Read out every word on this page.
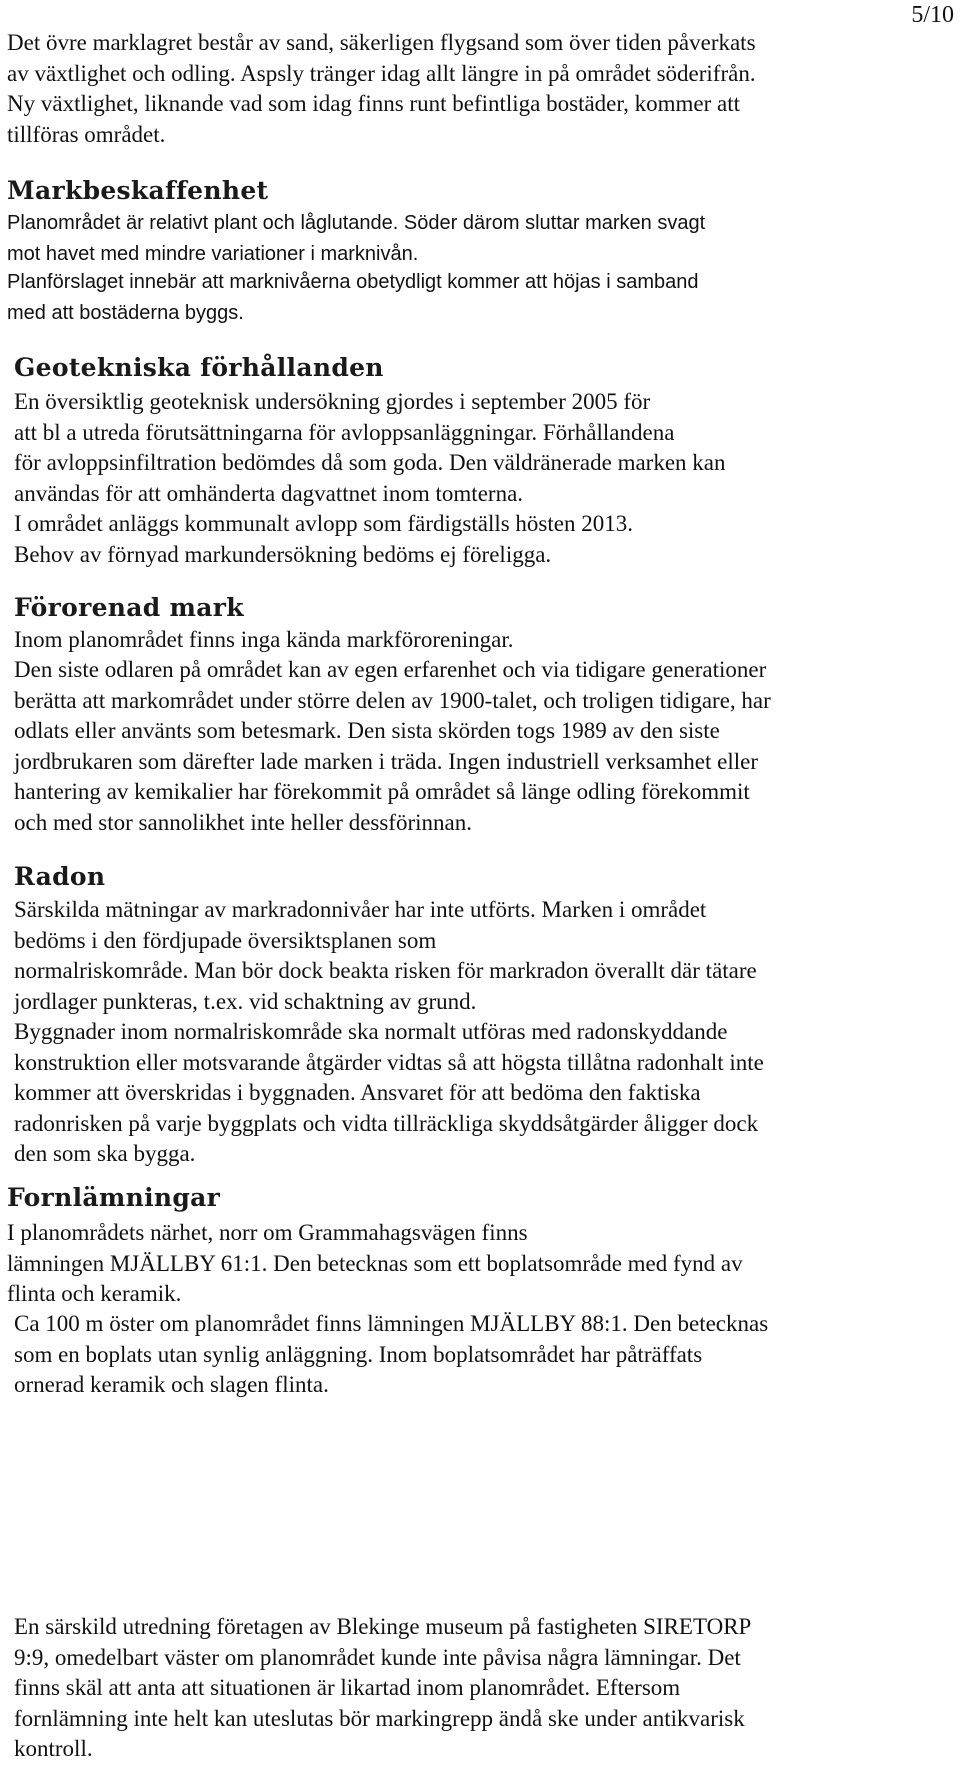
5/10
Det övre marklagret består av sand, säkerligen flygsand som över tiden påverkats
av växtlighet och odling. Aspsly tränger idag allt längre in på området söderifrån.
Ny växtlighet, liknande vad som idag finns runt befintliga bostäder, kommer att
tillföras området.
Markbeskaffenhet
Planområdet är relativt plant och låglutande. Söder därom sluttar marken svagt
mot havet med mindre variationer i marknivån.
Planförslaget innebär att marknivåerna obetydligt kommer att höjas i samband
med att bostäderna byggs.
Geotekniska förhållanden
En översiktlig geoteknisk undersökning gjordes i september 2005 för
att bl a utreda förutsättningarna för avloppsanläggningar. Förhållandena
för avloppsinfiltration bedömdes då som goda. Den väldränerade marken kan
användas för att omhänderta dagvattnet inom tomterna.
I området anläggs kommunalt avlopp som färdigställs hösten 2013.
Behov av förnyad markundersökning bedöms ej föreligga.
Förorenad mark
Inom planområdet finns inga kända markföroreningar.
Den siste odlaren på området kan av egen erfarenhet och via tidigare generationer
berätta att markområdet under större delen av 1900-talet, och troligen tidigare, har
odlats eller använts som betesmark. Den sista skörden togs 1989 av den siste
jordbrukaren som därefter lade marken i träda. Ingen industriell verksamhet eller
hantering av kemikalier har förekommit på området så länge odling förekommit
och med stor sannolikhet inte heller dessförinnan.
Radon
Särskilda mätningar av markradonnivåer har inte utförts. Marken i området
bedöms i den fördjupade översiktsplanen som
normalriskområde. Man bör dock beakta risken för markradon överallt där tätare
jordlager punkteras, t.ex. vid schaktning av grund.
Byggnader inom normalriskområde ska normalt utföras med radonskyddande
konstruktion eller motsvarande åtgärder vidtas så att högsta tillåtna radonhalt inte
kommer att överskridas i byggnaden. Ansvaret för att bedöma den faktiska
radonrisken på varje byggplats och vidta tillräckliga skyddsåtgärder åligger dock
den som ska bygga.
Fornlämningar
I planområdets närhet, norr om Grammahagsvägen finns
lämningen MJÄLLBY 61:1. Den betecknas som ett boplatsområde med fynd av
flinta och keramik.
Ca 100 m öster om planområdet finns lämningen MJÄLLBY 88:1. Den betecknas
som en boplats utan synlig anläggning. Inom boplatsområdet har påträffats
ornerad keramik och slagen flinta.
En särskild utredning företagen av Blekinge museum på fastigheten SIRETORP
9:9, omedelbart väster om planområdet kunde inte påvisa några lämningar. Det
finns skäl att anta att situationen är likartad inom planområdet. Eftersom
fornlämning inte helt kan uteslutas bör markingrepp ändå ske under antikvarisk
kontroll.
